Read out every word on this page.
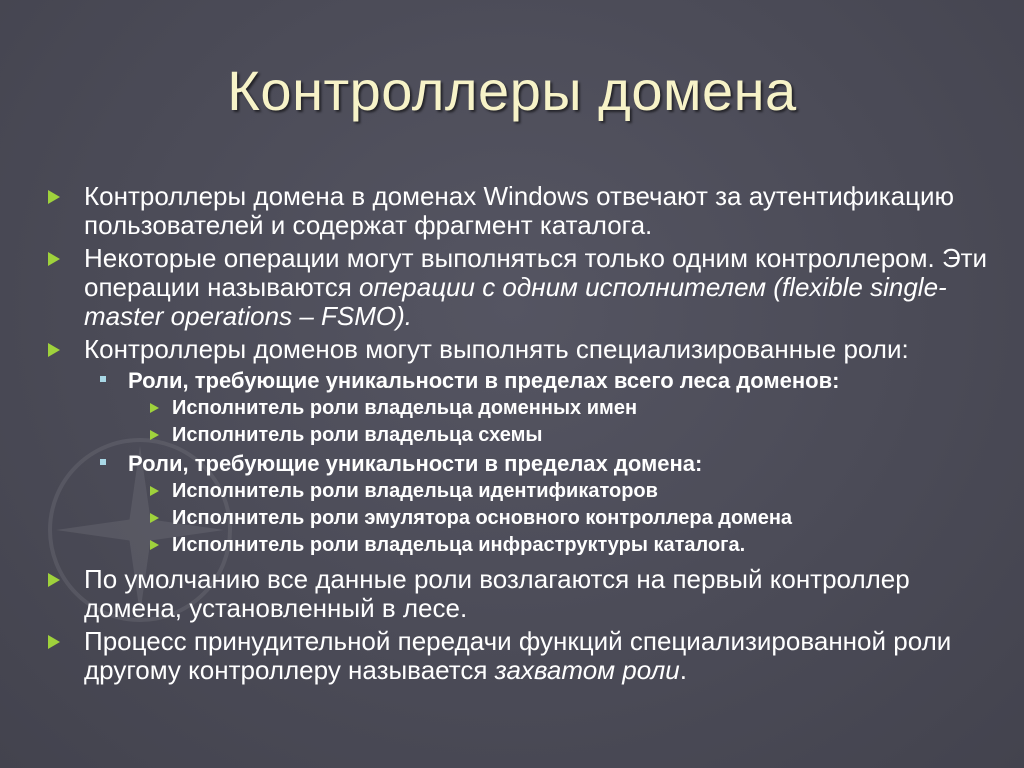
Контроллеры домена
Контроллеры домена в доменах Windows отвечают за аутентификацию пользователей и содержат фрагмент каталога.
Некоторые операции могут выполняться только одним контроллером. Эти операции называются операции с одним исполнителем (flexible single-master operations – FSMO).
Контроллеры доменов могут выполнять специализированные роли:
Роли, требующие уникальности в пределах всего леса доменов:
Исполнитель роли владельца доменных имен
Исполнитель роли владельца схемы
Роли, требующие уникальности в пределах домена:
Исполнитель роли владельца идентификаторов
Исполнитель роли эмулятора основного контроллера домена
Исполнитель роли владельца инфраструктуры каталога.
По умолчанию все данные роли возлагаются на первый контроллер домена, установленный в лесе.
Процесс принудительной передачи функций специализированной роли другому контроллеру называется захватом роли.
